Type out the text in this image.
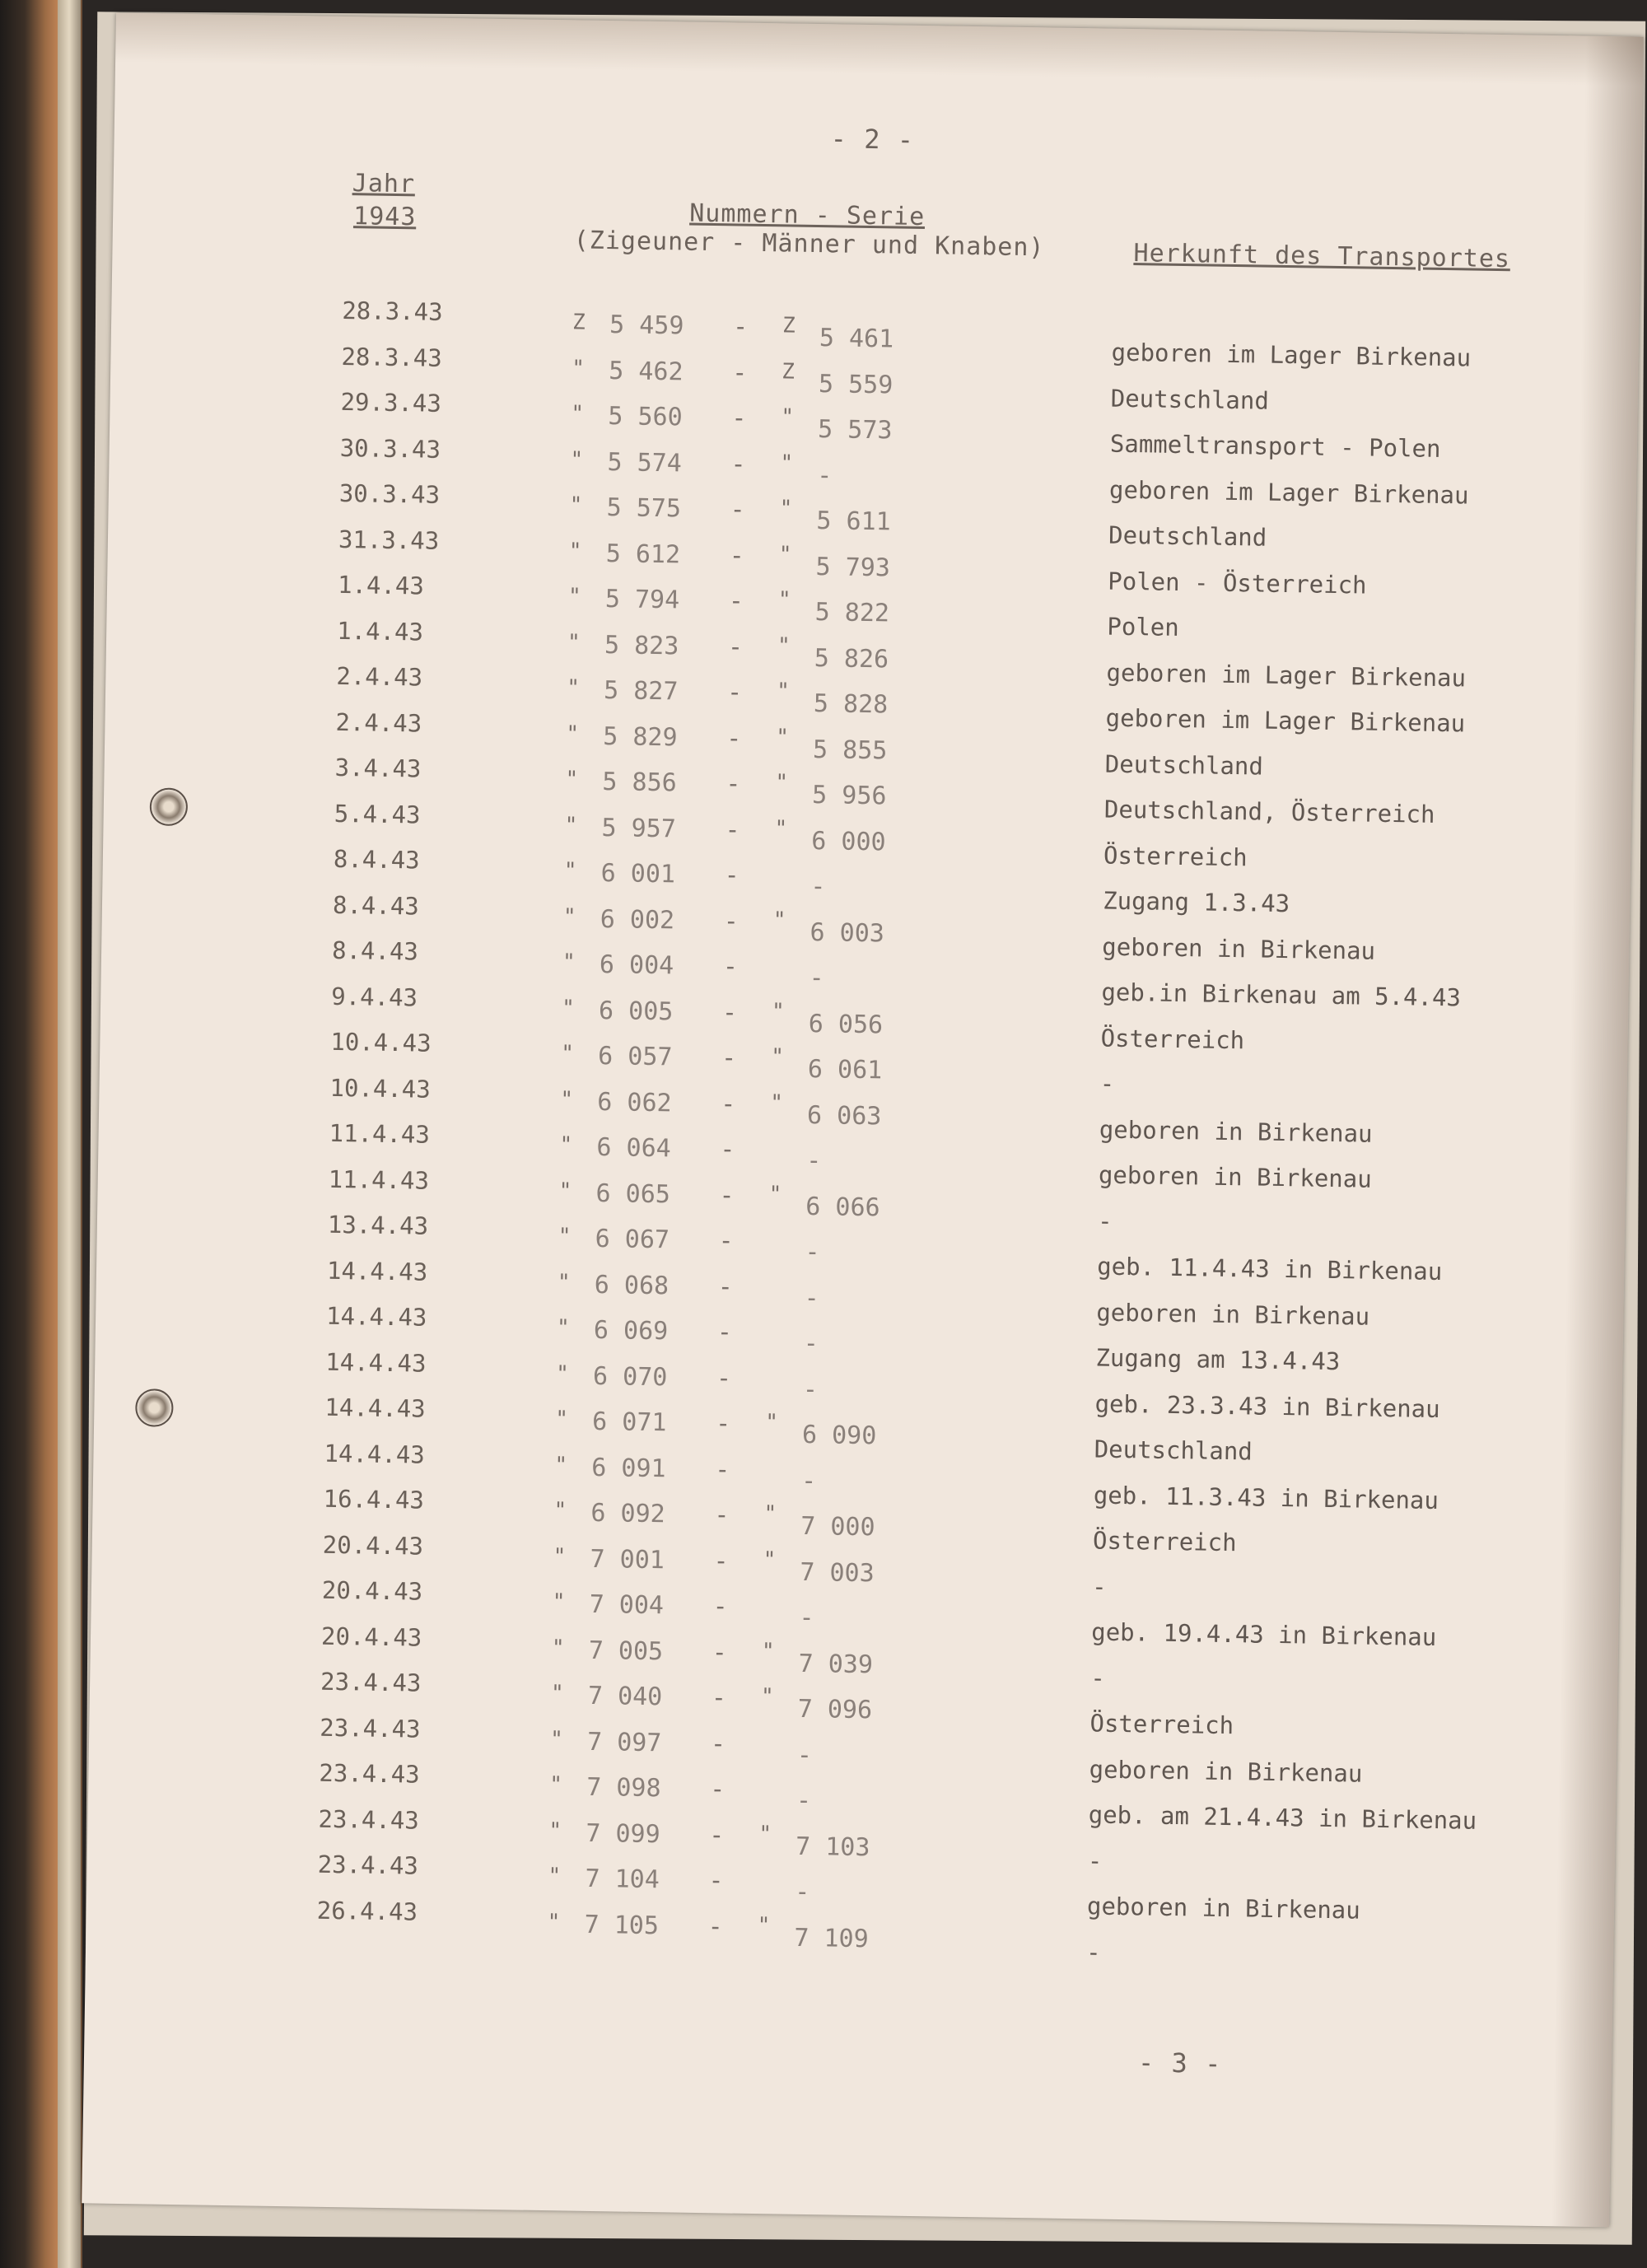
- 2 -
Jahr
1943	Nummern - Serie
(Zigeuner - Männer und Knaben)	Herkunft des Transportes
28.3.43	Z 5 459 - Z 5 461	geboren im Lager Birkenau
28.3.43	" 5 462 - Z 5 559	Deutschland
29.3.43	" 5 560 - " 5 573	Sammeltransport - Polen
30.3.43	" 5 574 - " -	geboren im Lager Birkenau
30.3.43	" 5 575 - " 5 611	Deutschland
31.3.43	" 5 612 - " 5 793	Polen - Österreich
1.4.43	" 5 794 - " 5 822	Polen
1.4.43	" 5 823 - " 5 826	geboren im Lager Birkenau
2.4.43	" 5 827 - " 5 828	geboren im Lager Birkenau
2.4.43	" 5 829 - " 5 855	Deutschland
3.4.43	" 5 856 - " 5 956	Deutschland, Österreich
5.4.43	" 5 957 - " 6 000	Österreich
8.4.43	" 6 001 -	-	Zugang 1.3.43
8.4.43	" 6 002 - " 6 003	geboren in Birkenau
8.4.43	" 6 004 -	-	geb.in Birkenau am 5.4.43
9.4.43	" 6 005 - " 6 056	Österreich
10.4.43	" 6 057 - " 6 061	-
10.4.43	" 6 062 - " 6 063	geboren in Birkenau
11.4.43	" 6 064 -	-	geboren in Birkenau
11.4.43	" 6 065 - " 6 066	-
13.4.43	" 6 067 -	-	geb. 11.4.43 in Birkenau
14.4.43	" 6 068 -	-	geboren in Birkenau
14.4.43	" 6 069 -	-	Zugang am 13.4.43
14.4.43	" 6 070 -	-	geb. 23.3.43 in Birkenau
14.4.43	" 6 071 - " 6 090	Deutschland
14.4.43	" 6 091 -	-	geb. 11.3.43 in Birkenau
16.4.43	" 6 092 - " 7 000	Österreich
20.4.43	" 7 001 - " 7 003	-
20.4.43	" 7 004 -	-	geb. 19.4.43 in Birkenau
20.4.43	" 7 005 - " 7 039	-
23.4.43	" 7 040 - " 7 096	Österreich
23.4.43	" 7 097 -	-	geboren in Birkenau
23.4.43	" 7 098 -	-	geb. am 21.4.43 in Birkenau
23.4.43	" 7 099 - " 7 103	-
23.4.43	" 7 104 -	-	geboren in Birkenau
26.4.43	" 7 105 - " 7 109	-
- 3 -
